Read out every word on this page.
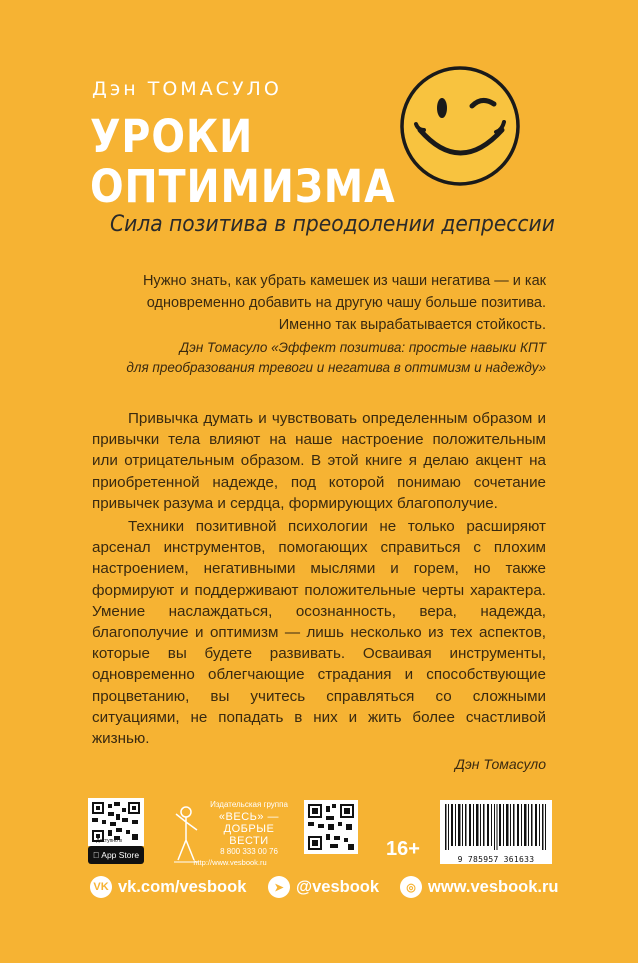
Дэн ТОМАСУЛО
УРОКИ
ОПТИМИЗМА
Сила позитива в преодолении депрессии
Нужно знать, как убрать камешек из чаши негатива — и как
одновременно добавить на другую чашу больше позитива.
Именно так вырабатывается стойкость.
Дэн Томасуло «Эффект позитива: простые навыки КПТ
для преобразования тревоги и негатива в оптимизм и надежду»

Привычка думать и чувствовать определенным образом и привычки тела влияют на наше настроение положительным или отрицательным образом. В этой книге я делаю акцент на приобретенной надежде, под которой понимаю сочетание привычек разума и сердца, формирующих благополучие.

Техники позитивной психологии не только расширяют арсенал инструментов, помогающих справиться с плохим настроением, негативными мыслями и горем, но также формируют и поддерживают положительные черты характера. Умение наслаждаться, осознанность, вера, надежда, благополучие и оптимизм — лишь несколько из тех аспектов, которые вы будете развивать. Осваивая инструменты, одновременно облегчающие страдания и способствующие процветанию, вы учитесь справляться со сложными ситуациями, не попадать в них и жить более счастливой жизнью.

Дэн Томасуло
Доступно в
App Store
Издательская группа
«ВЕСЬ» —
ДОБРЫЕ ВЕСТИ
8 800 333 00 76
http://www.vesbook.ru
16+	9 785957 361633
VK vk.com/vesbook	➤ @vesbook	◎ www.vesbook.ru
